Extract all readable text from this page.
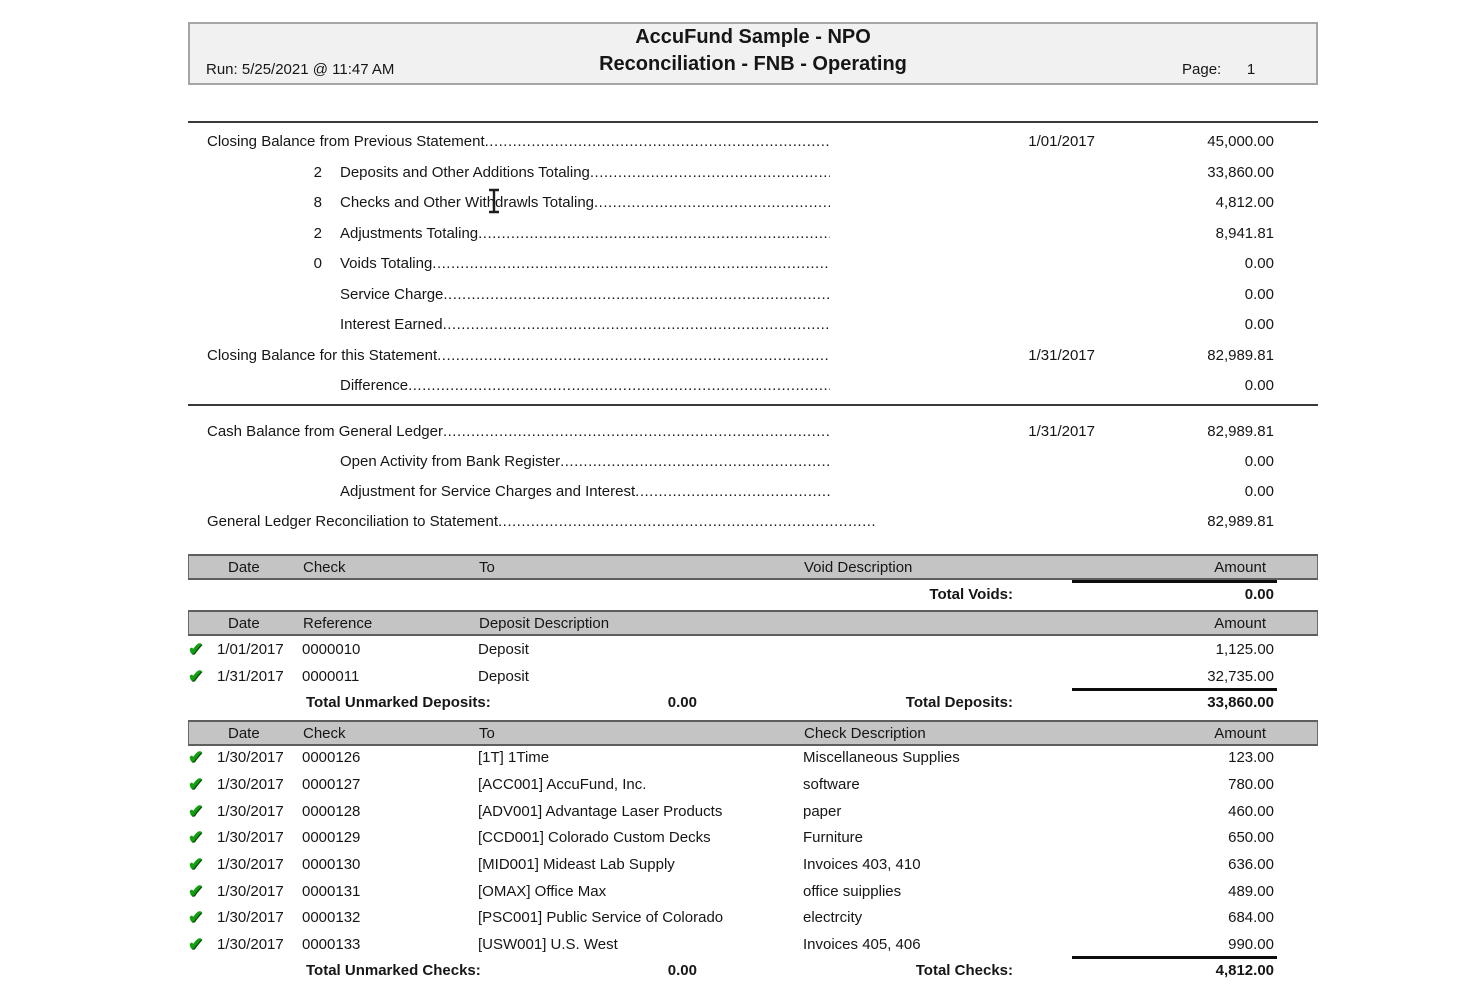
AccuFund Sample - NPO
Reconciliation - FNB - Operating
Run: 5/25/2021 @ 11:47 AM	Page:	1
Closing Balance from Previous Statement .....	1/01/2017	45,000.00
2 Deposits and Other Additions Totaling .....	33,860.00
8 Checks and Other Withdrawls Totaling .....	4,812.00
2 Adjustments Totaling .....	8,941.81
0 Voids Totaling .....	0.00
Service Charge .....	0.00
Interest Earned .....	0.00
Closing Balance for this Statement .....	1/31/2017	82,989.81
Difference .....	0.00
Cash Balance from General Ledger .....	1/31/2017	82,989.81
Open Activity from Bank Register .....	0.00
Adjustment for Service Charges and Interest .....	0.00
General Ledger Reconciliation to Statement .....	82,989.81
Date	Check	To	Void Description	Amount
Total Voids:	0.00
Date	Reference	Deposit Description	Amount
✔ 1/01/2017 0000010	Deposit	1,125.00
✔ 1/31/2017 0000011	Deposit	32,735.00
Total Unmarked Deposits:	0.00	Total Deposits:	33,860.00
Date	Check	To	Check Description	Amount
✔ 1/30/2017 0000126	[1T] 1Time	Miscellaneous Supplies	123.00
✔ 1/30/2017 0000127	[ACC001] AccuFund, Inc.	software	780.00
✔ 1/30/2017 0000128	[ADV001] Advantage Laser Products	paper	460.00
✔ 1/30/2017 0000129	[CCD001] Colorado Custom Decks	Furniture	650.00
✔ 1/30/2017 0000130	[MID001] Mideast Lab Supply	Invoices 403, 410	636.00
✔ 1/30/2017 0000131	[OMAX] Office Max	office suipplies	489.00
✔ 1/30/2017 0000132	[PSC001] Public Service of Colorado	electrcity	684.00
✔ 1/30/2017 0000133	[USW001] U.S. West	Invoices 405, 406	990.00
Total Unmarked Checks:	0.00	Total Checks:	4,812.00
